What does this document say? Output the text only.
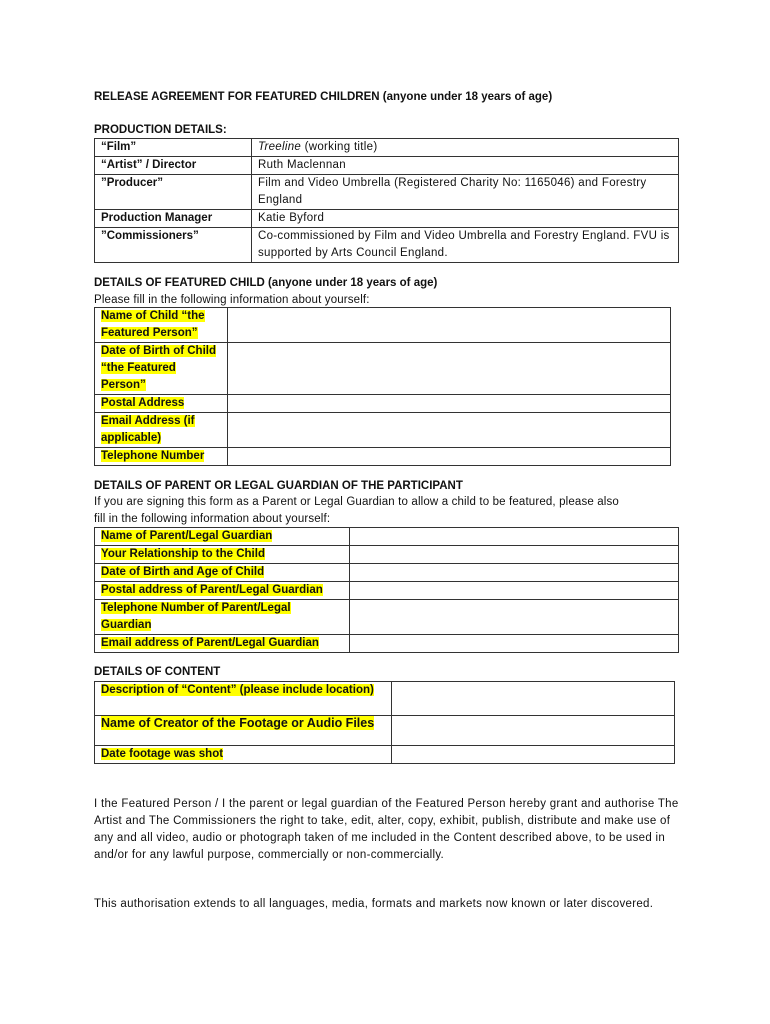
RELEASE AGREEMENT FOR FEATURED CHILDREN (anyone under 18 years of age)
PRODUCTION DETAILS:
“Film”	Treeline (working title)
“Artist” / Director	Ruth Maclennan
”Producer”	Film and Video Umbrella (Registered Charity No: 1165046) and Forestry England
Production Manager	Katie Byford
”Commissioners”	Co-commissioned by Film and Video Umbrella and Forestry England. FVU is supported by Arts Council England.
DETAILS OF FEATURED CHILD (anyone under 18 years of age)
Please fill in the following information about yourself:
Name of Child “the Featured Person”	
Date of Birth of Child “the Featured Person”	
Postal Address	
Email Address (if applicable)	
Telephone Number	
DETAILS OF PARENT OR LEGAL GUARDIAN OF THE PARTICIPANT
If you are signing this form as a Parent or Legal Guardian to allow a child to be featured, please also
fill in the following information about yourself:
Name of Parent/Legal Guardian	
Your Relationship to the Child	
Date of Birth and Age of Child	
Postal address of Parent/Legal Guardian	
Telephone Number of Parent/Legal Guardian	
Email address of Parent/Legal Guardian	
DETAILS OF CONTENT
Description of “Content” (please include location)	
Name of Creator of the Footage or Audio Files	
Date footage was shot	
I the Featured Person / I the parent or legal guardian of the Featured Person hereby grant and authorise The Artist and The Commissioners the right to take, edit, alter, copy, exhibit, publish, distribute and make use of any and all video, audio or photograph taken of me included in the Content described above, to be used in and/or for any lawful purpose, commercially or non-commercially.
This authorisation extends to all languages, media, formats and markets now known or later discovered.
